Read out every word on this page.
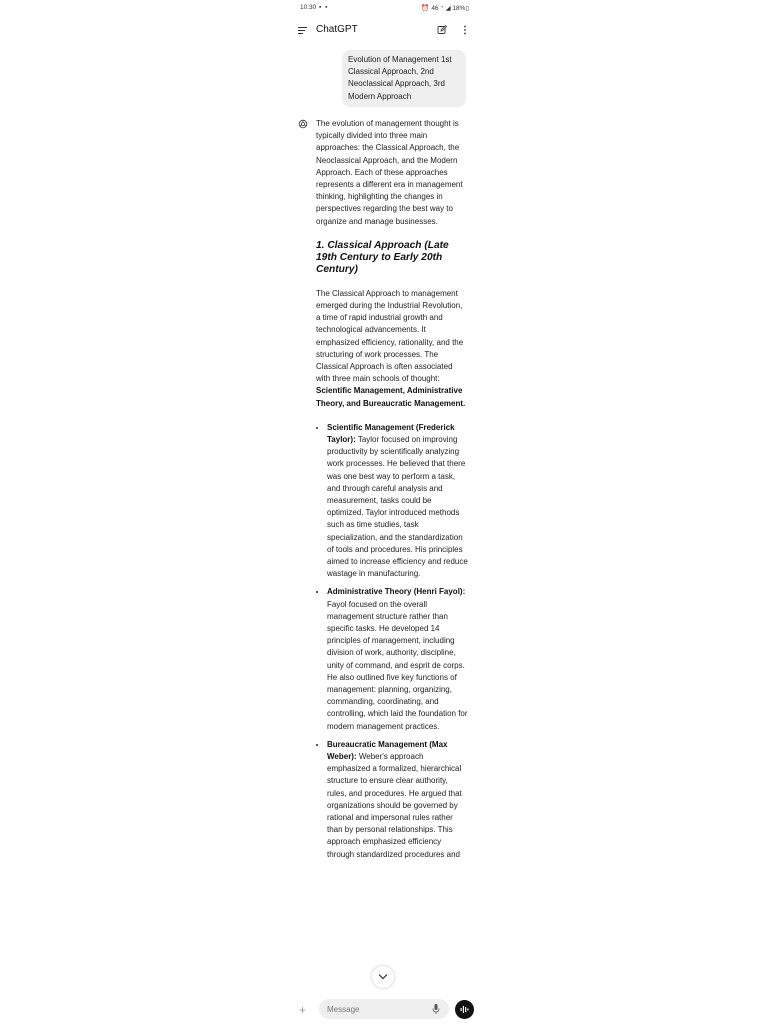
10:30 ▪ ▪	⏰ 46 ⁺ ◢ 18%▯
ChatGPT
Evolution of Management 1st Classical Approach, 2nd Neoclassical Approach, 3rd Modern Approach

The evolution of management thought is typically divided into three main approaches: the Classical Approach, the Neoclassical Approach, and the Modern Approach. Each of these approaches represents a different era in management thinking, highlighting the changes in perspectives regarding the best way to organize and manage businesses.

1. Classical Approach (Late 19th Century to Early 20th Century)

The Classical Approach to management emerged during the Industrial Revolution, a time of rapid industrial growth and technological advancements. It emphasized efficiency, rationality, and the structuring of work processes. The Classical Approach is often associated with three main schools of thought: Scientific Management, Administrative Theory, and Bureaucratic Management.

• Scientific Management (Frederick Taylor): Taylor focused on improving productivity by scientifically analyzing work processes. He believed that there was one best way to perform a task, and through careful analysis and measurement, tasks could be optimized. Taylor introduced methods such as time studies, task specialization, and the standardization of tools and procedures. His principles aimed to increase efficiency and reduce wastage in manufacturing.
• Administrative Theory (Henri Fayol): Fayol focused on the overall management structure rather than specific tasks. He developed 14 principles of management, including division of work, authority, discipline, unity of command, and esprit de corps. He also outlined five key functions of management: planning, organizing, commanding, coordinating, and controlling, which laid the foundation for modern management practices.
• Bureaucratic Management (Max Weber): Weber's approach emphasized a formalized, hierarchical structure to ensure clear authority, rules, and procedures. He argued that organizations should be governed by rational and impersonal rules rather than by personal relationships. This approach emphasized efficiency through standardized procedures and
+
Message
